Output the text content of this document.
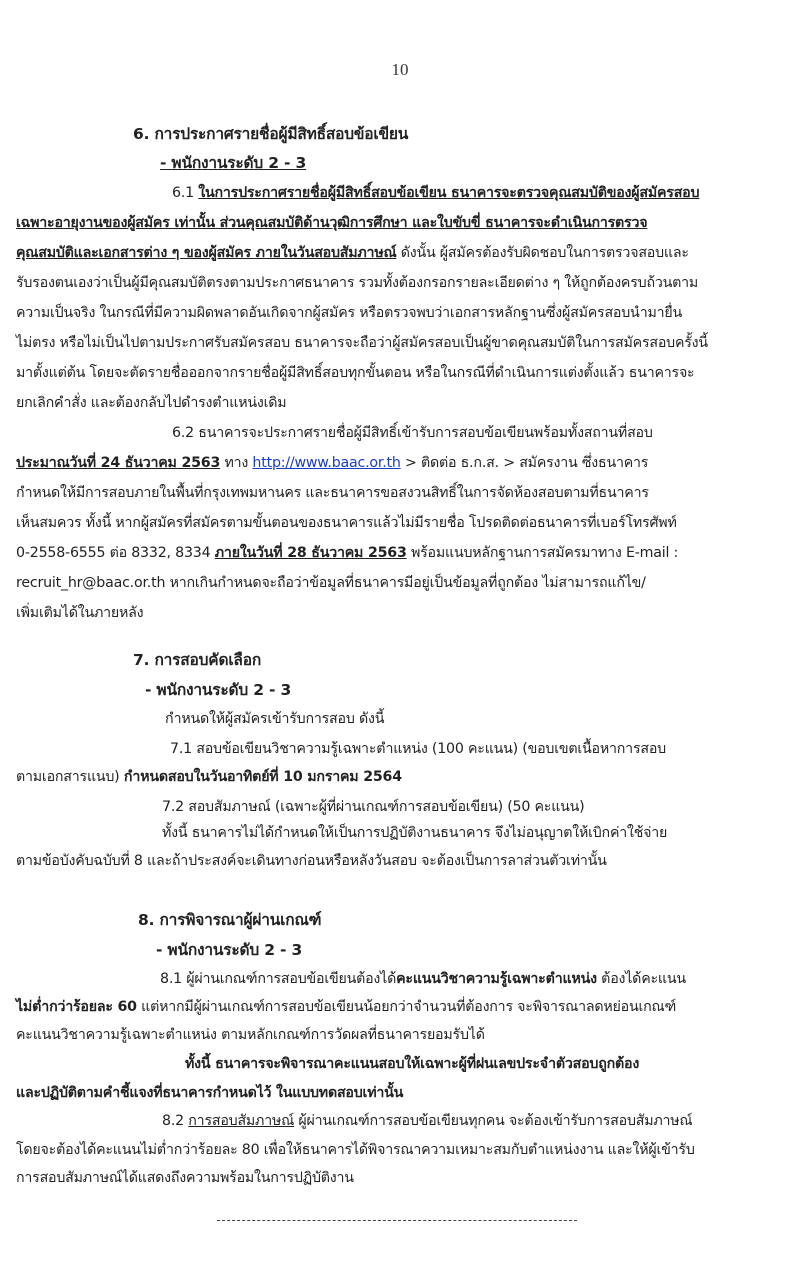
10
6. การประกาศรายชื่อผู้มีสิทธิ์สอบข้อเขียน
- พนักงานระดับ 2 - 3
6.1 ในการประกาศรายชื่อผู้มีสิทธิ์สอบข้อเขียน ธนาคารจะตรวจคุณสมบัติของผู้สมัครสอบ
เฉพาะอายุงานของผู้สมัคร เท่านั้น ส่วนคุณสมบัติด้านวุฒิการศึกษา และใบขับขี่ ธนาคารจะดำเนินการตรวจ
คุณสมบัติและเอกสารต่าง ๆ ของผู้สมัคร ภายในวันสอบสัมภาษณ์ ดังนั้น ผู้สมัครต้องรับผิดชอบในการตรวจสอบและ
รับรองตนเองว่าเป็นผู้มีคุณสมบัติตรงตามประกาศธนาคาร รวมทั้งต้องกรอกรายละเอียดต่าง ๆ ให้ถูกต้องครบถ้วนตาม
ความเป็นจริง ในกรณีที่มีความผิดพลาดอันเกิดจากผู้สมัคร หรือตรวจพบว่าเอกสารหลักฐานซึ่งผู้สมัครสอบนำมายื่น
ไม่ตรง หรือไม่เป็นไปตามประกาศรับสมัครสอบ ธนาคารจะถือว่าผู้สมัครสอบเป็นผู้ขาดคุณสมบัติในการสมัครสอบครั้งนี้
มาตั้งแต่ต้น โดยจะตัดรายชื่อออกจากรายชื่อผู้มีสิทธิ์สอบทุกขั้นตอน หรือในกรณีที่ดำเนินการแต่งตั้งแล้ว ธนาคารจะ
ยกเลิกคำสั่ง และต้องกลับไปดำรงตำแหน่งเดิม
6.2 ธนาคารจะประกาศรายชื่อผู้มีสิทธิ์เข้ารับการสอบข้อเขียนพร้อมทั้งสถานที่สอบ
ประมาณวันที่ 24 ธันวาคม 2563 ทาง http://www.baac.or.th > ติดต่อ ธ.ก.ส. > สมัครงาน ซึ่งธนาคาร
กำหนดให้มีการสอบภายในพื้นที่กรุงเทพมหานคร และธนาคารขอสงวนสิทธิ์ในการจัดห้องสอบตามที่ธนาคาร
เห็นสมควร ทั้งนี้ หากผู้สมัครที่สมัครตามขั้นตอนของธนาคารแล้วไม่มีรายชื่อ โปรดติดต่อธนาคารที่เบอร์โทรศัพท์
0-2558-6555 ต่อ 8332, 8334 ภายในวันที่ 28 ธันวาคม 2563 พร้อมแนบหลักฐานการสมัครมาทาง E-mail :
recruit_hr@baac.or.th หากเกินกำหนดจะถือว่าข้อมูลที่ธนาคารมีอยู่เป็นข้อมูลที่ถูกต้อง ไม่สามารถแก้ไข/
เพิ่มเติมได้ในภายหลัง
7. การสอบคัดเลือก
- พนักงานระดับ 2 - 3
กำหนดให้ผู้สมัครเข้ารับการสอบ ดังนี้
7.1 สอบข้อเขียนวิชาความรู้เฉพาะตำแหน่ง (100 คะแนน) (ขอบเขตเนื้อหาการสอบ
ตามเอกสารแนบ) กำหนดสอบในวันอาทิตย์ที่ 10 มกราคม 2564
7.2 สอบสัมภาษณ์ (เฉพาะผู้ที่ผ่านเกณฑ์การสอบข้อเขียน) (50 คะแนน)
ทั้งนี้ ธนาคารไม่ได้กำหนดให้เป็นการปฏิบัติงานธนาคาร จึงไม่อนุญาตให้เบิกค่าใช้จ่าย
ตามข้อบังคับฉบับที่ 8 และถ้าประสงค์จะเดินทางก่อนหรือหลังวันสอบ จะต้องเป็นการลาส่วนตัวเท่านั้น
8. การพิจารณาผู้ผ่านเกณฑ์
- พนักงานระดับ 2 - 3
8.1 ผู้ผ่านเกณฑ์การสอบข้อเขียนต้องได้คะแนนวิชาความรู้เฉพาะตำแหน่ง ต้องได้คะแนน
ไม่ต่ำกว่าร้อยละ 60 แต่หากมีผู้ผ่านเกณฑ์การสอบข้อเขียนน้อยกว่าจำนวนที่ต้องการ จะพิจารณาลดหย่อนเกณฑ์
คะแนนวิชาความรู้เฉพาะตำแหน่ง ตามหลักเกณฑ์การวัดผลที่ธนาคารยอมรับได้
ทั้งนี้ ธนาคารจะพิจารณาคะแนนสอบให้เฉพาะผู้ที่ฝนเลขประจำตัวสอบถูกต้อง
และปฏิบัติตามคำชี้แจงที่ธนาคารกำหนดไว้ ในแบบทดสอบเท่านั้น
8.2 การสอบสัมภาษณ์ ผู้ผ่านเกณฑ์การสอบข้อเขียนทุกคน จะต้องเข้ารับการสอบสัมภาษณ์
โดยจะต้องได้คะแนนไม่ต่ำกว่าร้อยละ 80 เพื่อให้ธนาคารได้พิจารณาความเหมาะสมกับตำแหน่งงาน และให้ผู้เข้ารับ
การสอบสัมภาษณ์ได้แสดงถึงความพร้อมในการปฏิบัติงาน
